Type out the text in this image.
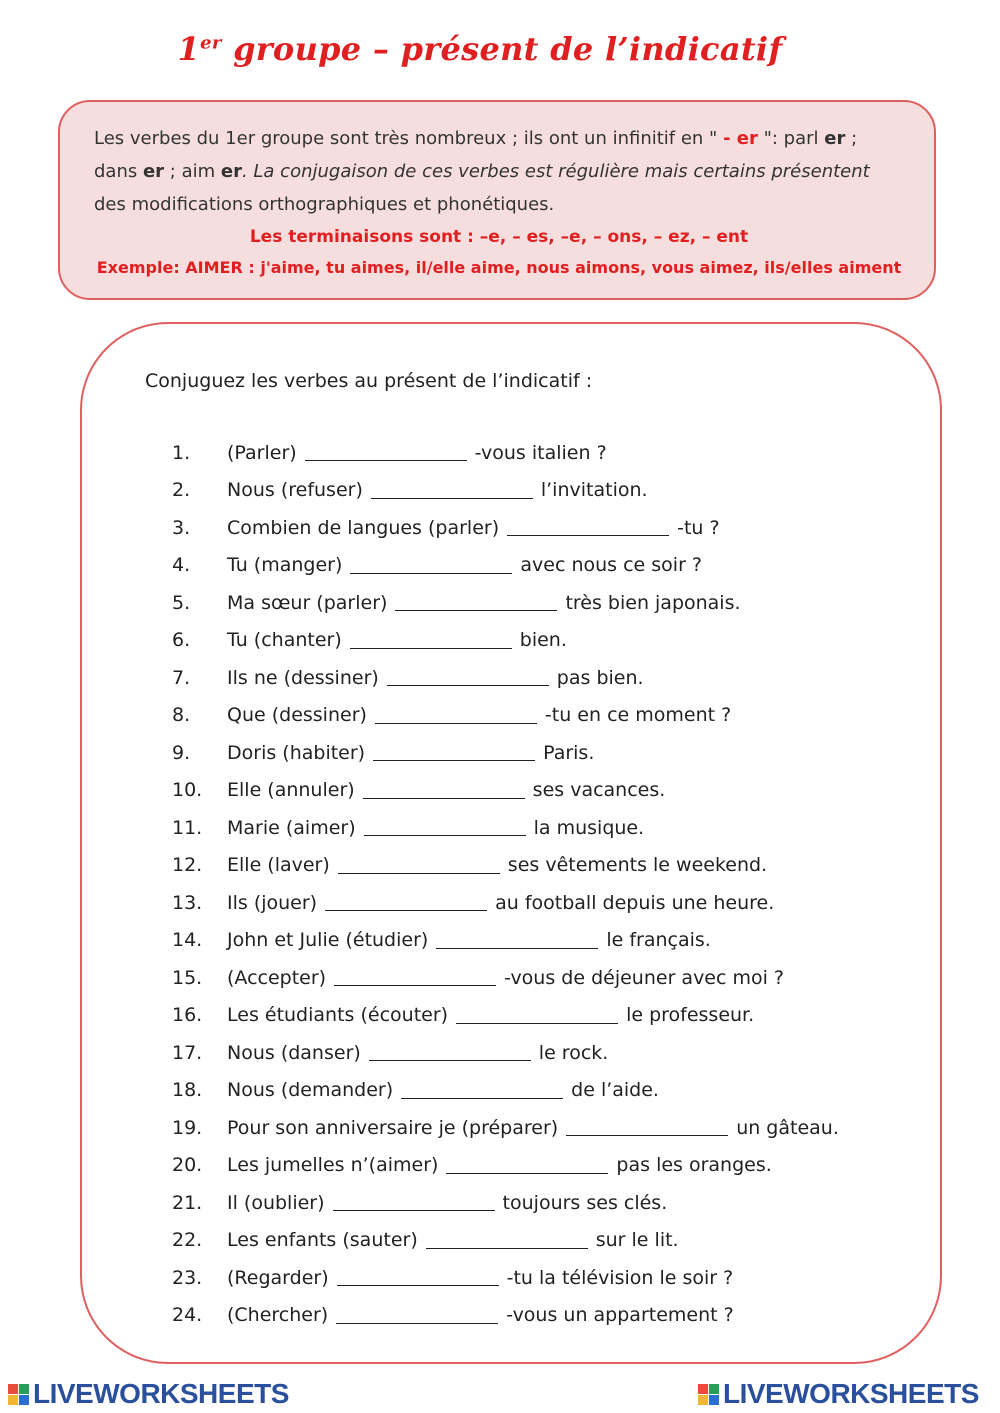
1er groupe – présent de l’indicatif
Les verbes du 1er groupe sont très nombreux ; ils ont un infinitif en " - er ": parl er ;
dans er ; aim er. La conjugaison de ces verbes est régulière mais certains présentent
des modifications orthographiques et phonétiques.
Les terminaisons sont : –e, – es, –e, – ons, – ez, – ent
Exemple: AIMER : j'aime, tu aimes, il/elle aime, nous aimons, vous aimez, ils/elles aiment
Conjuguez les verbes au présent de l’indicatif :
1.	(Parler)	-vous italien ?
2.	Nous (refuser)	l’invitation.
3.	Combien de langues (parler)	-tu ?
4.	Tu (manger)	avec nous ce soir ?
5.	Ma sœur (parler)	très bien japonais.
6.	Tu (chanter)	bien.
7.	Ils ne (dessiner)	pas bien.
8.	Que (dessiner)	-tu en ce moment ?
9.	Doris (habiter)	Paris.
10.	Elle (annuler)	ses vacances.
11.	Marie (aimer)	la musique.
12.	Elle (laver)	ses vêtements le weekend.
13.	Ils (jouer)	au football depuis une heure.
14.	John et Julie (étudier)	le français.
15.	(Accepter)	-vous de déjeuner avec moi ?
16.	Les étudiants (écouter)	le professeur.
17.	Nous (danser)	le rock.
18.	Nous (demander)	de l’aide.
19.	Pour son anniversaire je (préparer)	un gâteau.
20.	Les jumelles n’(aimer)	pas les oranges.
21.	Il (oublier)	toujours ses clés.
22.	Les enfants (sauter)	sur le lit.
23.	(Regarder)	-tu la télévision le soir ?
24.	(Chercher)	-vous un appartement ?
LIVEWORKSHEETS	LIVEWORKSHEETS
